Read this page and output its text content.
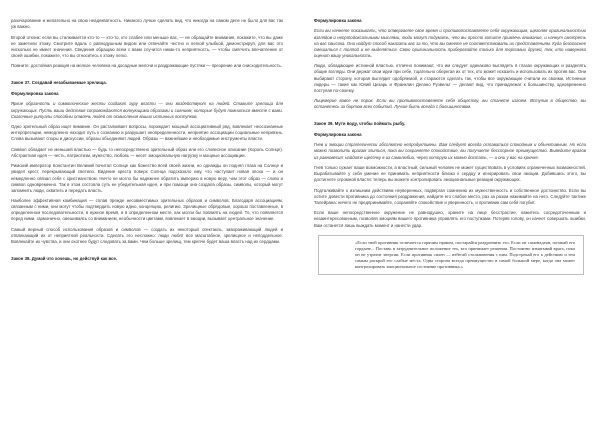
разочарование и желательно на свою неадекватность. Никакого лучше сделать вид, что никогда на самом деле не было для вас так уж важно.

Второй отклик: если вы сталкивается кто-то — кто-то, кто слабее или меньше вас, — не обращайте внимания, покажите, что вы даже не заметили этому. Смотрите вдаль с равнодушным видом или отвечайте честно и легкой улыбкой, демонстрируя, для вас это нисколько не имеет значения. Сведения обращаю всем с вами случится никак-то неприятность, — чтобы смягчить впечатление от своей ошибки, покажите, что вы относитесь к этому легко.

Помните: достойная реакция на мелкое человека на досадные мелочи и раздражающие пустяки — презрение или снисходительность.

Закон 37. Создавай незабываемые зрелища.

Формулировка закона

Яркие образность и символические жесты создают ауру власти — они воздействуют на людей. Ставьте зрелища для окружающих. Пусть ваши действия сопровождаются волнующими образами и сиянием, которые будут помниться вместе с вами. Сказочные ритуалы способны отвлечь людей от осмысления ваших истинных поступков.

Одно зрительный образ ищет вимание. Он расталкивает вопросы, порождает мощный ассоциативный ряд, вовлекает неосознанные интерпретации, немедленно находит путь к сознанию и разрушает неопределенности, неприятие ассоциации социальные неприязнь. Слова вызывают споры и дискуссии, образы объединяют людей. Образы — важнейшие и необходимые инструменты власти.

Символ обладает не меньшей властью — будь то непосредственно зрительный образ или его словесное описание (Король Солнце). Абстрактная идея — честь, патриотизм, мужество, любовь — несет эмоциональную нагрузку и мощные ассоциации.

Римский император Константин Великий почитал Солнце как божество всей своей жизни, но однажды он поднял глаза на Солнце и увидел крест, перекрывающий светило. Видение креста поверх Солнца подсказало ему, что наступает новая эпоха — и он немедленно связал себя с христианством. Ничто не могло бы надежнее обратить империю в новую веру, чем этот образ — слово и символ одновременно. Так в этом состояла суть ее убедительная идея, и при помощи она создала образы, символы, который могут запомнить люди, охватить и передать власть.

Наиболее эффективная комбинация — сплав прежде несовместимых зрительных образов и символов. Благодаря ассоциациям, связанным с ними, они могут чтобы подтвердить новую идею, концепцию, религию. Зрелищные обрядовые, хорошо поставленные, в определенном последовательности, в нужное время, и в определенном месте, как могли бы повлиять на людей. То, что появляется перед ними, гармонично, смешиваясь со вниманием, необычности цветами, вовлекает в эмоции, вызывает центральное значение.

Самый верный способ использования образов и символов — создать их некоторый спектакль, завораживающий людей и отвлекающий их от неприятной реальности. Сделать это несложно: люди любят все масштабное, зрелищное и неподдельное. Вовлекайте их чувства, и они охотнее будут следовать за вами. Чем больше зрелищ, тем крепче будет ваша власть над их сердцами.

Закон 38. Думай что хочешь, но действуй как все.

Формулировка закона

Если вы начнете показывать, что отвергаете свое время и противопоставляете себя окружающим, щеголяя оригинальностью взглядов и неортодоксальными мыслями, люди могут подумать, что вы просто хотите привлечь внимание, и начнут смотреть на вас свысока. Они найдут способ наказать вас за то, что вы смеете не соответствовать их представлениям. Куда безопаснее смешаться с толпой и не выделяться. Свою оригинальность приберегайте только для терпимых друзей, тех, кто наверняка оценит вашу уникальность.

Люди, обладающие истинной властью, отлично понимают, что им следует одинаково выглядеть в глазах окружающих и разделять общие взгляды. Они держат свои идеи при себе, тщательно оберегая их от тех, кто может исказить и использовать их против вас. Они выбирают сторону, которая выглядит одобряемой, и стараются сделать так, чтобы все окружающие считали их своими. Истинные лидеры — такие как Юлий Цезарь и Франклин Делано Рузвельт — делают вид, что принадлежат к большинству, одновременно поступая по-своему.

Лицемерие вовсе не порок. Если вы противопоставляете себя обществу, вы станете изгоем. Вступив в общество, вы останетесь за бортом всех событий. Лучше быть всегда с большинством.

Закон 39. Мути воду, чтобы поймать рыбу.

Формулировка закона

Гнев и эмоции стратегически абсолютно непродуктивны. Вам следует всегда оставаться спокойным и объективным. Но если можно позволить врагам злиться, пока вы сохраняете спокойствие, вы получаете бесспорное преимущество. Выведите врагов из равновесия: найдите щелочку в их самолюбии, через которую их можно достать, — и они у вас на крючке.

Гнев только сужает ваши возможности, а властный, сильный человек не может существовать в условиях ограниченных возможностей. Вырабатывайте у себя умение не принимать неприятности близко к сердцу и игнорировать свои эмоции. Добившись этого, вы достигнете огромной власти: теперь вы можете контролировать эмоциональные реакции окружающих.

Подталкивайте к излишним действиям неуверенных, подвергая сомнению их мужественность и собственное достоинство. Если вы хотите довести противника до состояния раздражения, найдите его слабое место, раз за разом нажимайте на него. Следуйте тактике Талейрана: ничего не предпринимайте, сохраняйте спокойствие и уверенность, и противник сам себя погубит.

Если ваше непосредственное окружение не равнодушно, храните на лице бесстрастие, кажитесь сосредоточенным и незаинтересованным, позволяя эмоциям вашего противника управлять его поступками. Потеряв голову, он начнет совершать ошибки. Вам останется лишь выждать момент и нанести удар.

«Если твой противник отличается горячим нравом, постарайся раздразнить его. Если он самонадеян, потакай его гордыне... Поставь в затруднительное положение тех, кто принимает решения. Постоянно изматывай врага, пока он не утратит энергии. Если противник силен — избегай столкновения с ним. Подстрекай его к действию и тем самым раскрой его слабые места. Одна сторона всегда преимущество в самой большой мере, когда она может контролировать эмоциональное состояние противника.»
